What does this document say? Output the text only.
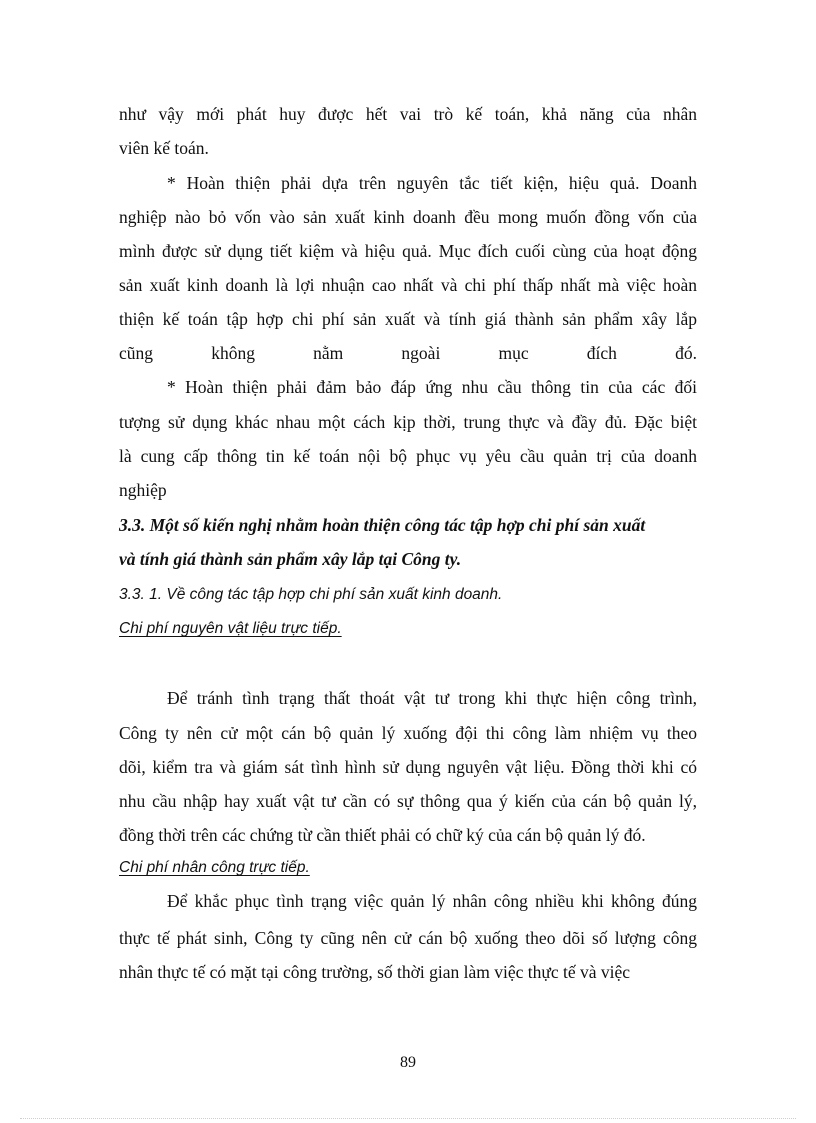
như vậy mới phát huy được hết vai trò kế toán, khả năng của nhân
viên kế toán.
* Hoàn thiện phải dựa trên nguyên tắc tiết kiện, hiệu quả. Doanh
nghiệp nào bỏ vốn vào sản xuất kinh doanh đều mong muốn đồng vốn của
mình được sử dụng tiết kiệm và hiệu quả. Mục đích cuối cùng của hoạt động
sản xuất kinh doanh là lợi nhuận cao nhất và chi phí thấp nhất mà việc hoàn
thiện kế toán tập hợp chi phí sản xuất và tính giá thành sản phẩm xây lắp
cũng không nằm ngoài mục đích đó.
* Hoàn thiện phải đảm bảo đáp ứng nhu cầu thông tin của các đối
tượng sử dụng khác nhau một cách kịp thời, trung thực và đầy đủ. Đặc biệt
là cung cấp thông tin kế toán nội bộ phục vụ yêu cầu quản trị của doanh
nghiệp
3.3. Một số kiến nghị nhằm hoàn thiện công tác tập hợp chi phí sản xuất
và tính giá thành sản phẩm xây lắp tại Công ty.
3.3. 1. Về công tác tập hợp chi phí sản xuất kinh doanh.
Chi phí nguyên vật liệu trực tiếp.
Để tránh tình trạng thất thoát vật tư trong khi thực hiện công trình,
Công ty nên cử một cán bộ quản lý xuống đội thi công làm nhiệm vụ theo
dõi, kiểm tra và giám sát tình hình sử dụng nguyên vật liệu. Đồng thời khi có
nhu cầu nhập hay xuất vật tư cần có sự thông qua ý kiến của cán bộ quản lý,
đồng thời trên các chứng từ cần thiết phải có chữ ký của cán bộ quản lý đó.
Chi phí nhân công trực tiếp.
Để khắc phục tình trạng việc quản lý nhân công nhiều khi không đúng
thực tế phát sinh, Công ty cũng nên cử cán bộ xuống theo dõi số lượng công
nhân thực tế có mặt tại công trường, số thời gian làm việc thực tế và việc
89
